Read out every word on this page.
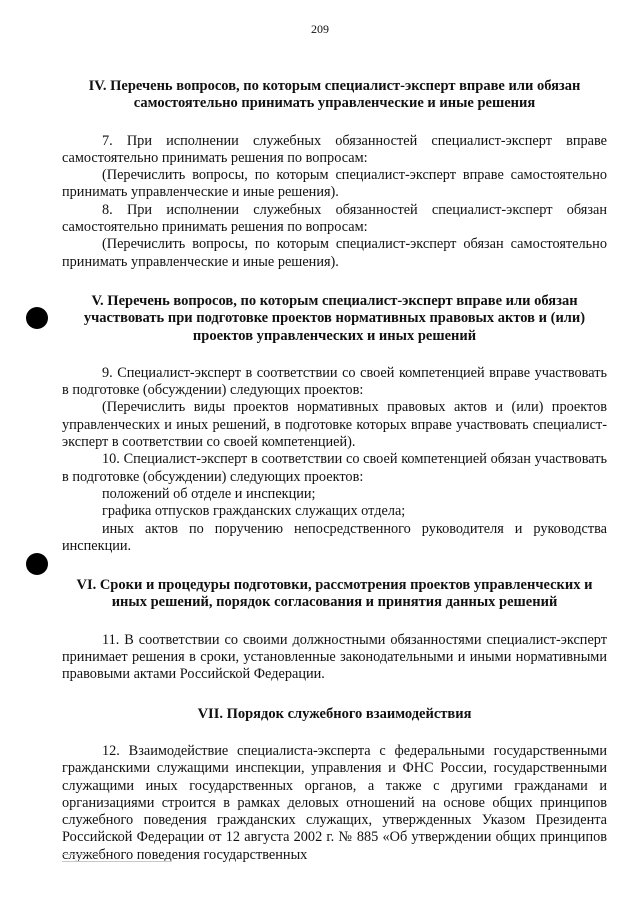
209
IV. Перечень вопросов, по которым специалист-эксперт вправе или обязан самостоятельно принимать управленческие и иные решения

7. При исполнении служебных обязанностей специалист-эксперт вправе самостоятельно принимать решения по вопросам:

(Перечислить вопросы, по которым специалист-эксперт вправе самостоятельно принимать управленческие и иные решения).

8. При исполнении служебных обязанностей специалист-эксперт обязан самостоятельно принимать решения по вопросам:

(Перечислить вопросы, по которым специалист-эксперт обязан самостоятельно принимать управленческие и иные решения).

V. Перечень вопросов, по которым специалист-эксперт вправе или обязан участвовать при подготовке проектов нормативных правовых актов и (или) проектов управленческих и иных решений

9. Специалист-эксперт в соответствии со своей компетенцией вправе участвовать в подготовке (обсуждении) следующих проектов:

(Перечислить виды проектов нормативных правовых актов и (или) проектов управленческих и иных решений, в подготовке которых вправе участвовать специалист-эксперт в соответствии со своей компетенцией).

10. Специалист-эксперт в соответствии со своей компетенцией обязан участвовать в подготовке (обсуждении) следующих проектов:

положений об отделе и инспекции;

графика отпусков гражданских служащих отдела;

иных актов по поручению непосредственного руководителя и руководства инспекции.

VI. Сроки и процедуры подготовки, рассмотрения проектов управленческих и иных решений, порядок согласования и принятия данных решений

11. В соответствии со своими должностными обязанностями специалист-эксперт принимает решения в сроки, установленные законодательными и иными нормативными правовыми актами Российской Федерации.

VII. Порядок служебного взаимодействия

12. Взаимодействие специалиста-эксперта с федеральными государственными гражданскими служащими инспекции, управления и ФНС России, государственными служащими иных государственных органов, а также с другими гражданами и организациями строится в рамках деловых отношений на основе общих принципов служебного поведения гражданских служащих, утвержденных Указом Президента Российской Федерации от 12 августа 2002 г. № 885 «Об утверждении общих принципов служебного поведения государственных
